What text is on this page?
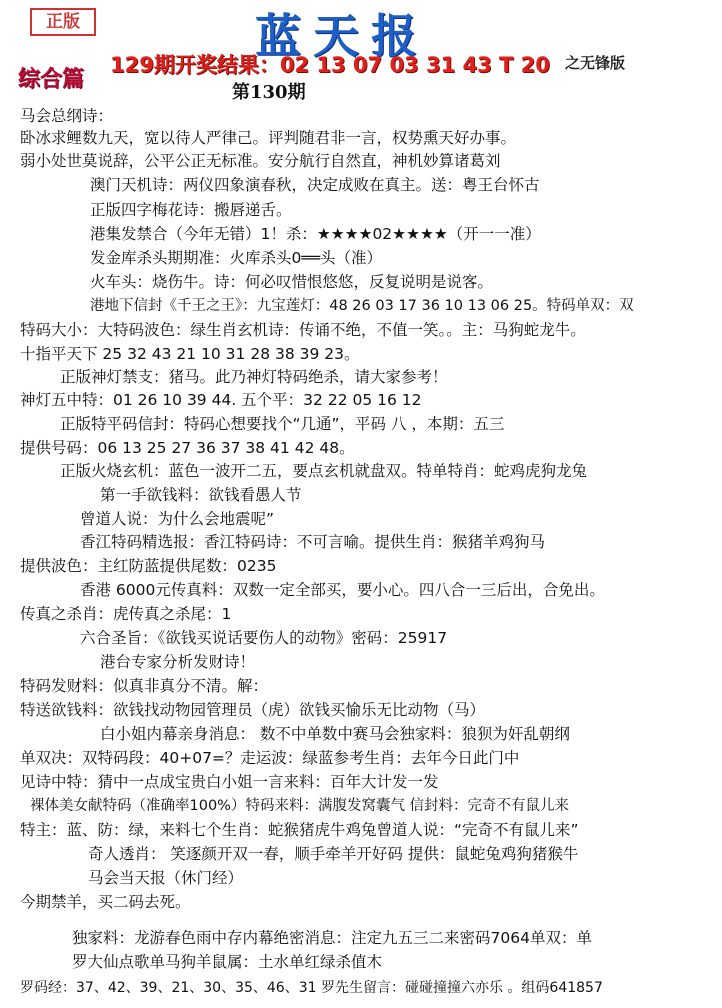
正版	蓝天报
129期开奖结果：02 13 07 03 31 43 T 20 之无锋版
综合篇
第130期
马会总纲诗：
卧冰求鲤数九天，宽以待人严律己。评判随君非一言，权势熏天好办事。
弱小处世莫说辞，公平公正无标准。安分航行自然直，神机妙算诸葛刘
澳门天机诗：两仪四象演春秋，决定成败在真主。送：粤王台怀古
正版四字梅花诗：搬唇递舌。
港集发禁合（今年无错）1！杀：★★★★02★★★★（开一一准）
发金库杀头期期准：火库杀头0══头（准）
火车头：烧伤牛。诗：何必叹惜恨悠悠，反复说明是说客。
港地下信封《千王之王》：九宝莲灯：48 26 03 17 36 10 13 06 25。特码单双：双
特码大小：大特码波色：绿生肖玄机诗：传诵不绝，不值一笑。。主：马狗蛇龙牛。
十指平天下 25 32 43 21 10 31 28 38 39 23。
正版神灯禁支：猪马。此乃神灯特码绝杀，请大家参考！
神灯五中特：01 26 10 39 44. 五个平：32 22 05 16 12
正版特平码信封：特码心想要找个“几通”，平码 八 ，本期：五三
提供号码：06 13 25 27 36 37 38 41 42 48。
正版火烧玄机：蓝色一波开二五，要点玄机就盘双。特单特肖：蛇鸡虎狗龙兔
第一手欲钱料：欲钱看愚人节
曾道人说：为什么会地震呢”
香江特码精选报：香江特码诗：不可言喻。提供生肖：猴猪羊鸡狗马
提供波色：主红防蓝提供尾数：0235
香港 6000元传真料：双数一定全部买，要小心。四八合一三后出，合免出。
传真之杀肖：虎传真之杀尾：1
六合圣旨：《欲钱买说话要伤人的动物》密码：25917
港台专家分析发财诗！
特码发财料：似真非真分不清。解：
特送欲钱料：欲钱找动物园管理员（虎）欲钱买愉乐无比动物（马）
白小姐内幕亲身消息： 数不中单数中赛马会独家料：狼狈为奸乱朝纲
单双决：双特码段：40+07=？走运波：绿蓝参考生肖：去年今日此门中
见诗中特：猜中一点成宝贵白小姐一言来料：百年大计发一发
裸体美女献特码（准确率100%）特码来料：满腹发窝囊气 信封料：完奇不有鼠儿来
特主：蓝、防：绿，来料七个生肖：蛇猴猪虎牛鸡兔曾道人说：“完奇不有鼠儿来”
奇人透肖： 笑逐颜开双一春，顺手牵羊开好码 提供：鼠蛇兔鸡狗猪猴牛
马会当天报（休门经）
今期禁羊，买二码去死。
独家料：龙游春色雨中存内幕绝密消息：注定九五三二来密码7064单双：单
罗大仙点歌单马狗羊鼠属：土水单红绿杀值木
罗码经：37、42、39、21、30、35、46、31 罗先生留言：碰碰撞撞六亦乐 。组码641857
